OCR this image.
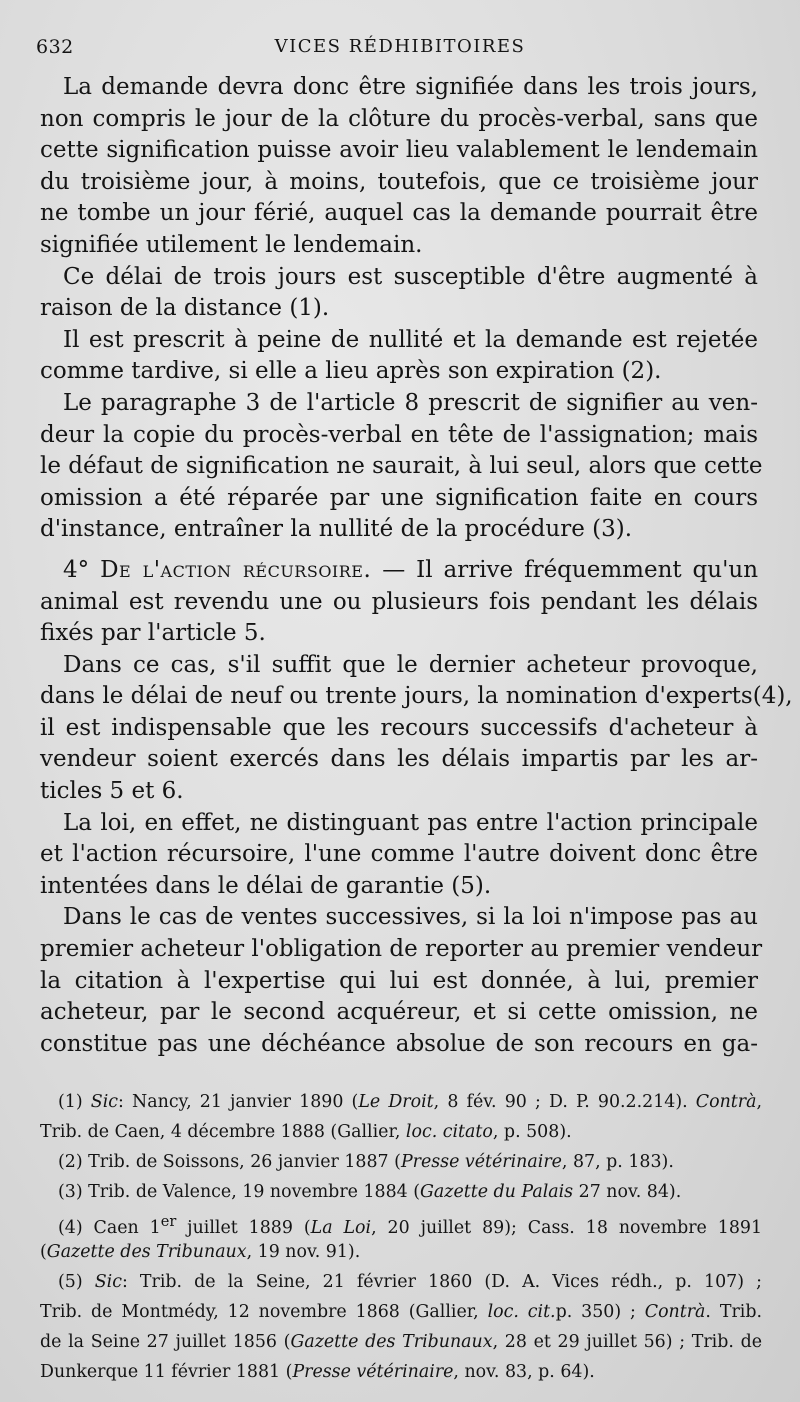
632	VICES RÉDHIBITOIRES
La demande devra donc être signifiée dans les trois jours,
non compris le jour de la clôture du procès-verbal, sans que
cette signification puisse avoir lieu valablement le lendemain
du troisième jour, à moins, toutefois, que ce troisième jour
ne tombe un jour férié, auquel cas la demande pourrait être
signifiée utilement le lendemain.
Ce délai de trois jours est susceptible d'être augmenté à
raison de la distance (1).
Il est prescrit à peine de nullité et la demande est rejetée
comme tardive, si elle a lieu après son expiration (2).
Le paragraphe 3 de l'article 8 prescrit de signifier au ven-
deur la copie du procès-verbal en tête de l'assignation; mais
le défaut de signification ne saurait, à lui seul, alors que cette
omission a été réparée par une signification faite en cours
d'instance, entraîner la nullité de la procédure (3).
4° De l'action récursoire. — Il arrive fréquemment qu'un
animal est revendu une ou plusieurs fois pendant les délais
fixés par l'article 5.
Dans ce cas, s'il suffit que le dernier acheteur provoque,
dans le délai de neuf ou trente jours, la nomination d'experts(4),
il est indispensable que les recours successifs d'acheteur à
vendeur soient exercés dans les délais impartis par les ar-
ticles 5 et 6.
La loi, en effet, ne distinguant pas entre l'action principale
et l'action récursoire, l'une comme l'autre doivent donc être
intentées dans le délai de garantie (5).
Dans le cas de ventes successives, si la loi n'impose pas au
premier acheteur l'obligation de reporter au premier vendeur
la citation à l'expertise qui lui est donnée, à lui, premier
acheteur, par le second acquéreur, et si cette omission, ne
constitue pas une déchéance absolue de son recours en ga-
(1) Sic: Nancy, 21 janvier 1890 (Le Droit, 8 fév. 90 ; D. P. 90.2.214). Contrà,
Trib. de Caen, 4 décembre 1888 (Gallier, loc. citato, p. 508).
(2) Trib. de Soissons, 26 janvier 1887 (Presse vétérinaire, 87, p. 183).
(3) Trib. de Valence, 19 novembre 1884 (Gazette du Palais 27 nov. 84).
(4) Caen 1er juillet 1889 (La Loi, 20 juillet 89); Cass. 18 novembre 1891
(Gazette des Tribunaux, 19 nov. 91).
(5) Sic: Trib. de la Seine, 21 février 1860 (D. A. Vices rédh., p. 107) ;
Trib. de Montmédy, 12 novembre 1868 (Gallier, loc. cit.p. 350) ; Contrà. Trib.
de la Seine 27 juillet 1856 (Gazette des Tribunaux, 28 et 29 juillet 56) ; Trib. de
Dunkerque 11 février 1881 (Presse vétérinaire, nov. 83, p. 64).
